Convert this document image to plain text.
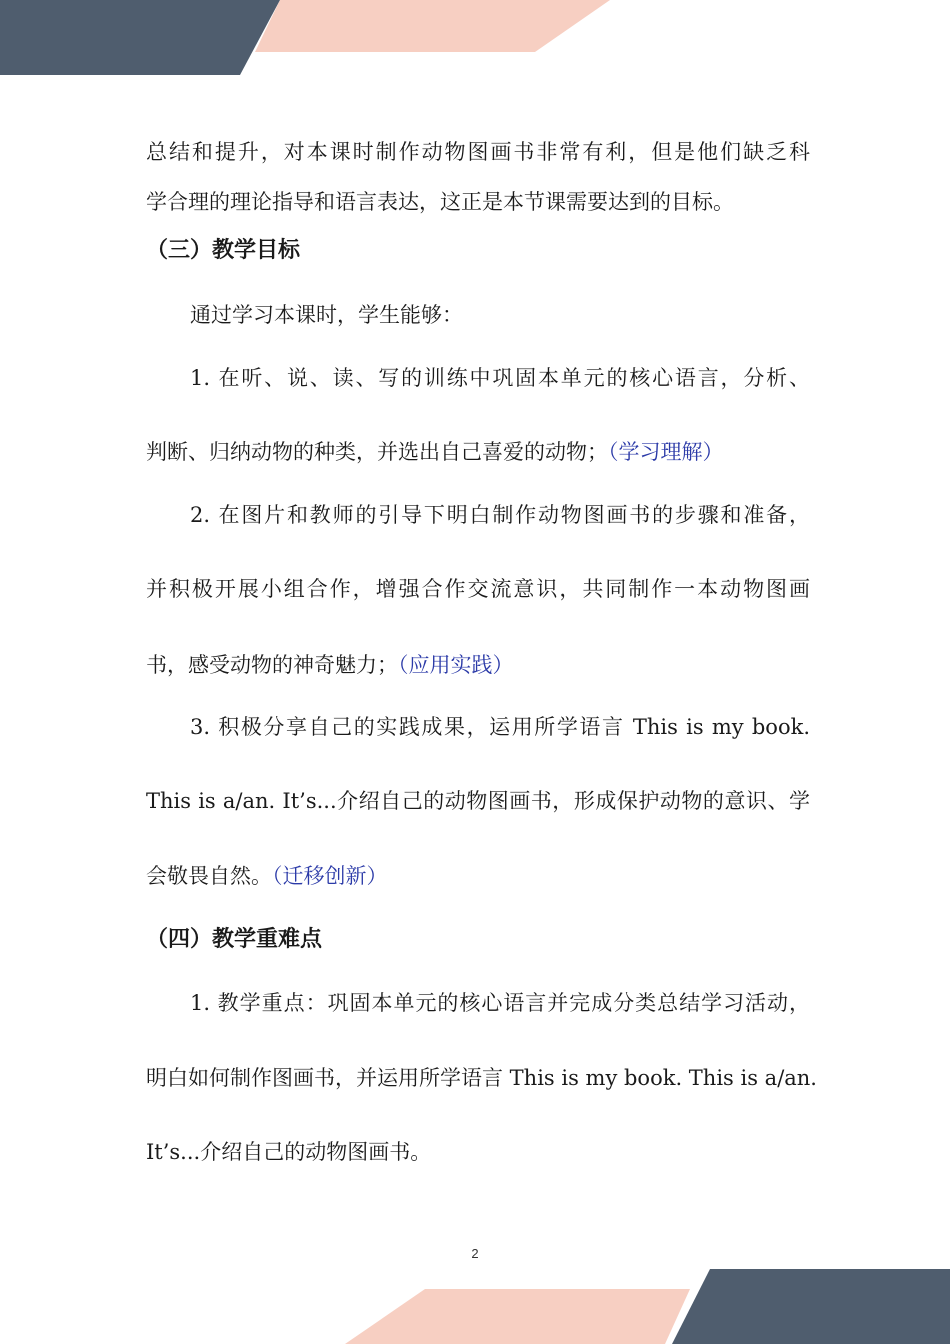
总结和提升，对本课时制作动物图画书非常有利，但是他们缺乏科
学合理的理论指导和语言表达，这正是本节课需要达到的目标。
（三）教学目标
通过学习本课时，学生能够：
1. 在听、说、读、写的训练中巩固本单元的核心语言，分析、
判断、归纳动物的种类，并选出自己喜爱的动物；（学习理解）
2. 在图片和教师的引导下明白制作动物图画书的步骤和准备，
并积极开展小组合作，增强合作交流意识，共同制作一本动物图画
书，感受动物的神奇魅力；（应用实践）
3. 积极分享自己的实践成果，运用所学语言 This is my book.
This is a/an. It’s...介绍自己的动物图画书，形成保护动物的意识、学
会敬畏自然。（迁移创新）
（四）教学重难点
1. 教学重点：巩固本单元的核心语言并完成分类总结学习活动，
明白如何制作图画书，并运用所学语言 This is my book. This is a/an.
It’s...介绍自己的动物图画书。
2
